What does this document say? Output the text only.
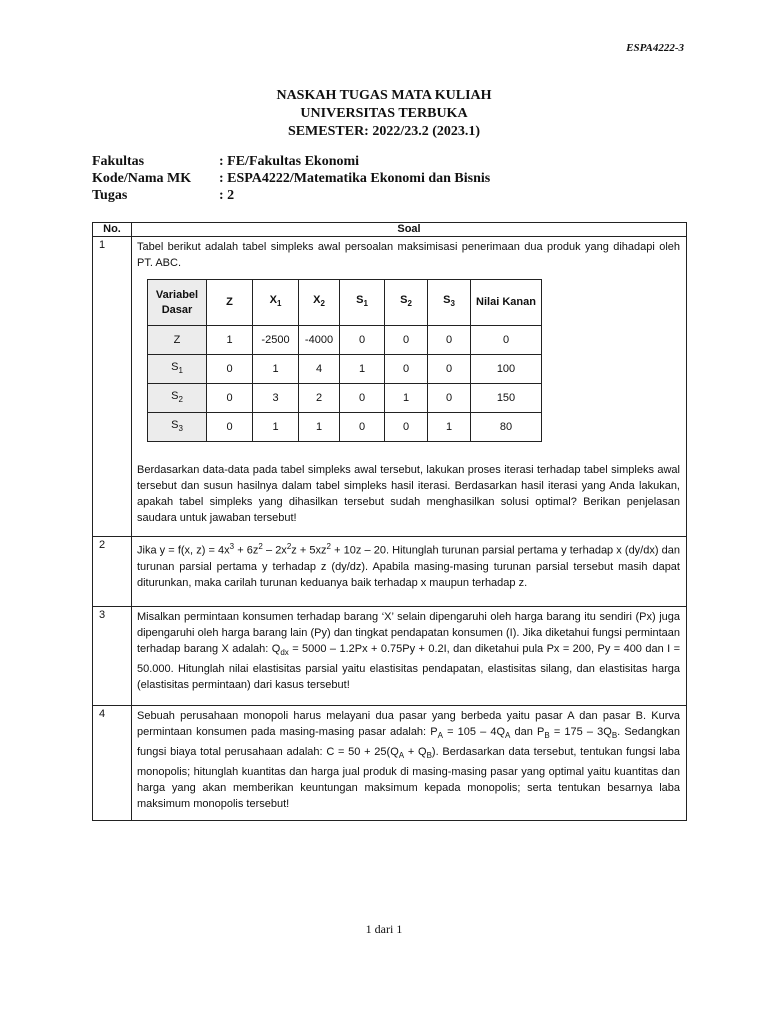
ESPA4222-3
NASKAH TUGAS MATA KULIAH
UNIVERSITAS TERBUKA
SEMESTER: 2022/23.2 (2023.1)
Fakultas	: FE/Fakultas Ekonomi
Kode/Nama MK	: ESPA4222/Matematika Ekonomi dan Bisnis
Tugas	: 2
No.	Soal
1	Tabel berikut adalah tabel simpleks awal persoalan maksimisasi penerimaan dua produk yang dihadapi oleh PT. ABC.
Variabel Dasar	Z	$X_1$	$X_2$	$S_1$	$S_2$	$S_3$	Nilai Kanan
Z	1	-2500	-4000	0	0	0	0
$S_1$	0	1	4	1	0	0	100
$S_2$	0	3	2	0	1	0	150
$S_3$	0	1	1	0	0	1	80
Berdasarkan data-data pada tabel simpleks awal tersebut, lakukan proses iterasi terhadap tabel simpleks awal tersebut dan susun hasilnya dalam tabel simpleks hasil iterasi. Berdasarkan hasil iterasi yang Anda lakukan, apakah tabel simpleks yang dihasilkan tersebut sudah menghasilkan solusi optimal? Berikan penjelasan saudara untuk jawaban tersebut!

2	Jika y = f(x, $z) = 4x^3 + 6z^2 - 2x^2z + 5xz^2 + 10z - 20$. Hitunglah turunan parsial pertama y terhadap x (dy/dx) dan turunan parsial pertama y terhadap z (dy/dz). Apabila masing-masing turunan parsial tersebut masih dapat diturunkan, maka carilah turunan keduanya baik terhadap x maupun terhadap z.
3	Misalkan permintaan konsumen terhadap barang ‘X’ selain dipengaruhi oleh harga barang itu sendiri (Px) juga dipengaruhi oleh harga barang lain (Py) dan tingkat pendapatan konsumen (I). Jika diketahui fungsi permintaan terhadap barang X adalah: $Q_{dx} = 5000 - 1.2Px + 0.75Py + 0.2I$, dan diketahui pula Px = 200, Py = 400 dan I = 50.000. Hitunglah nilai elastisitas parsial yaitu elastisitas pendapatan, elastisitas silang, dan elastisitas harga (elastisitas permintaan) dari kasus tersebut!
4	Sebuah perusahaan monopoli harus melayani dua pasar yang berbeda yaitu pasar A dan pasar B. Kurva permintaan konsumen pada masing-masing pasar adalah: $P_A = 105 - 4Q_A$ dan $P_B = 175 - 3Q_B$. Sedangkan fungsi biaya total perusahaan adalah: $C = 50 + 25(Q_A + Q_B)$. Berdasarkan data tersebut, tentukan fungsi laba monopolis; hitunglah kuantitas dan harga jual produk di masing-masing pasar yang optimal yaitu kuantitas dan harga yang akan memberikan keuntungan maksimum kepada monopolis; serta tentukan besarnya laba maksimum monopolis tersebut!
1 dari 1
